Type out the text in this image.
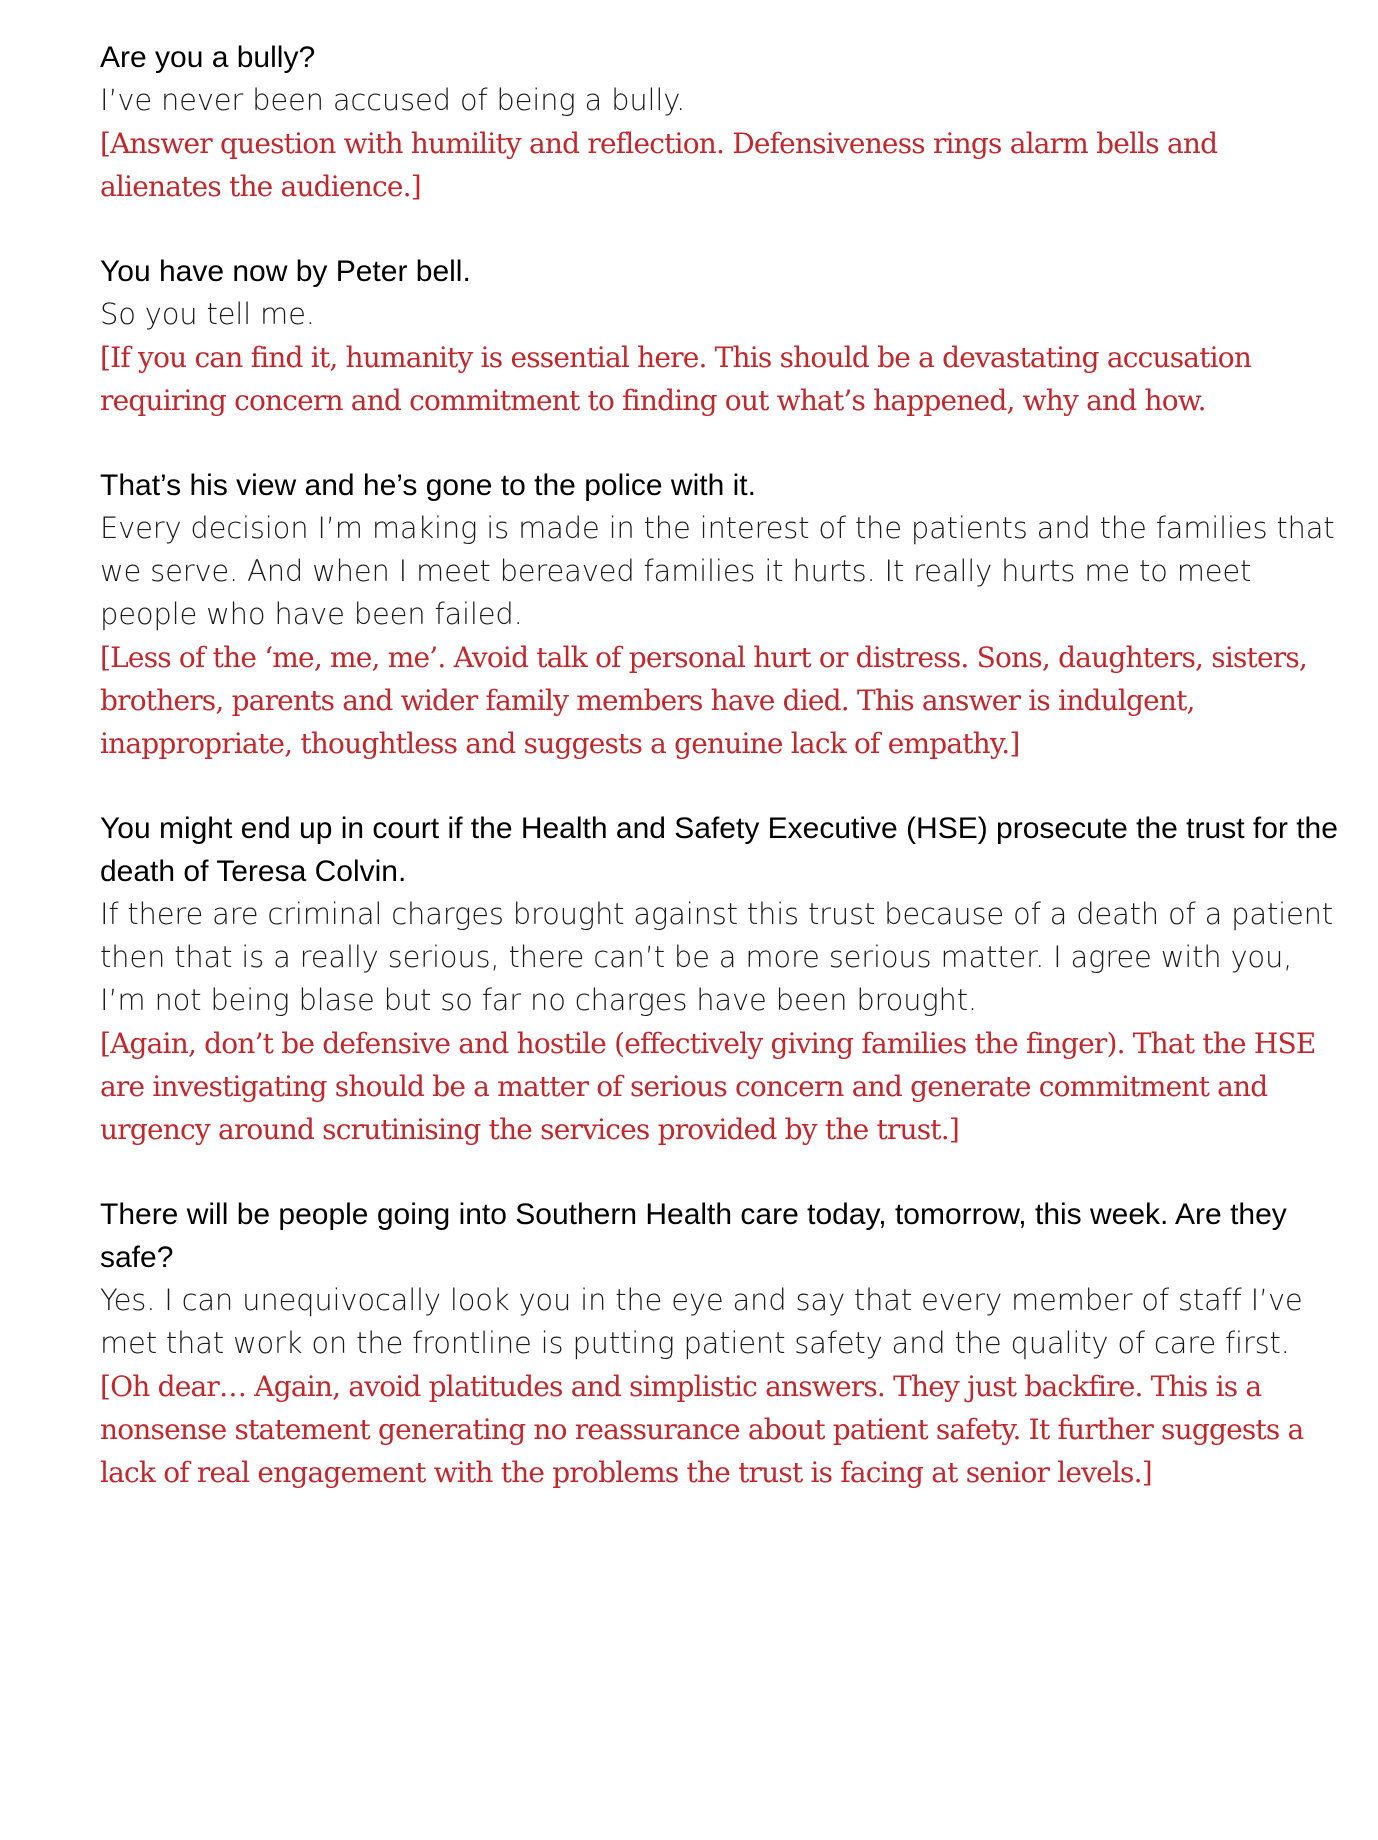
Are you a bully?

I’ve never been accused of being a bully.

[Answer question with humility and reflection. Defensiveness rings alarm bells and alienates the audience.]

You have now by Peter bell.

So you tell me.

[If you can find it, humanity is essential here. This should be a devastating accusation requiring concern and commitment to finding out what’s happened, why and how.

That’s his view and he’s gone to the police with it.

Every decision I’m making is made in the interest of the patients and the families that we serve. And when I meet bereaved families it hurts. It really hurts me to meet people who have been failed.

[Less of the ‘me, me, me’. Avoid talk of personal hurt or distress. Sons, daughters, sisters, brothers, parents and wider family members have died. This answer is indulgent, inappropriate, thoughtless and suggests a genuine lack of empathy.]

You might end up in court if the Health and Safety Executive (HSE) prosecute the trust for the death of Teresa Colvin.

If there are criminal charges brought against this trust because of a death of a patient then that is a really serious, there can’t be a more serious matter. I agree with you, I’m not being blase but so far no charges have been brought.

[Again, don’t be defensive and hostile (effectively giving families the finger). That the HSE are investigating should be a matter of serious concern and generate commitment and urgency around scrutinising the services provided by the trust.]

There will be people going into Southern Health care today, tomorrow, this week. Are they safe?

Yes. I can unequivocally look you in the eye and say that every member of staff I’ve met that work on the frontline is putting patient safety and the quality of care first.

[Oh dear… Again, avoid platitudes and simplistic answers. They just backfire. This is a nonsense statement generating no reassurance about patient safety. It further suggests a lack of real engagement with the problems the trust is facing at senior levels.]
